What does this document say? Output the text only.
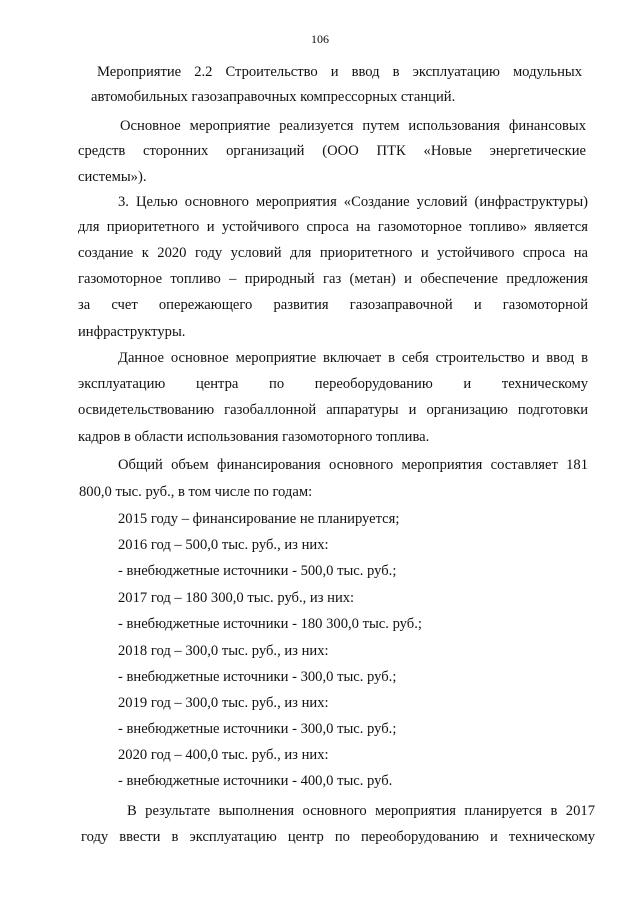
106
Мероприятие 2.2 Строительство и ввод в эксплуатацию модульных
автомобильных газозаправочных компрессорных станций.
Основное мероприятие реализуется путем использования финансовых
средств сторонних организаций (ООО ПТК «Новые энергетические
системы»).
3. Целью основного мероприятия «Создание условий (инфраструктуры)
для приоритетного и устойчивого спроса на газомоторное топливо» является
создание к 2020 году условий для приоритетного и устойчивого спроса на
газомоторное топливо – природный газ (метан) и обеспечение предложения
за счет опережающего развития газозаправочной и газомоторной
инфраструктуры.
Данное основное мероприятие включает в себя строительство и ввод в
эксплуатацию центра по переоборудованию и техническому
освидетельствованию газобаллонной аппаратуры и организацию подготовки
кадров в области использования газомоторного топлива.
Общий объем финансирования основного мероприятия составляет 181
800,0 тыс. руб., в том числе по годам:
2015 году – финансирование не планируется;
2016 год – 500,0 тыс. руб., из них:
- внебюджетные источники - 500,0 тыс. руб.;
2017 год – 180 300,0 тыс. руб., из них:
- внебюджетные источники - 180 300,0 тыс. руб.;
2018 год – 300,0 тыс. руб., из них:
- внебюджетные источники - 300,0 тыс. руб.;
2019 год – 300,0 тыс. руб., из них:
- внебюджетные источники - 300,0 тыс. руб.;
2020 год – 400,0 тыс. руб., из них:
- внебюджетные источники - 400,0 тыс. руб.
В результате выполнения основного мероприятия планируется в 2017
году ввести в эксплуатацию центр по переоборудованию и техническому
